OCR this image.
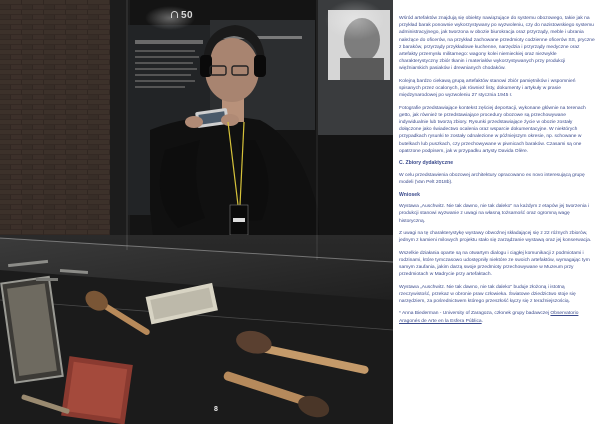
50
8

Wśród artefaktów znajdują się obiekty nawiązujące do systemu obozowego, takie jak na przykład barak ponownie wykorzystywany po wyzwoleniu, czy do nazistowskiego systemu administracyjnego, jak tworzona w obozie biurokracja oraz przyrządy, meble i ubrania należące do oficerów, na przykład zachowane przedmioty codzienne oficerów SS, pryczne z baraków, przyrządy przykładowe kuchenne, narzędzia i przyrządy medyczne oraz artefakty przemysłu militarnego: wagony kolei niemieckiej oraz niezwykle charakterystyczny zbiór tkanin i materiałów wykorzystywanych przy produkcji więźniarskich pasiaków i drewnianych chodaków.

Kolejną bardzo ciekawą grupą artefaktów stanowi zbiór pamiętników i wspomnień spisanych przez ocalonych, jak również listy, dokumenty i artykuły w prasie międzynarodowej po wyzwoleniu 27 stycznia 1945 r.

Fotografie przedstawiające kontekst zęściej deportacji, wykonane głównie na terenach getto, jak również te przedstawiające procedury obozowe są przechowywane indywidualnie lub tworzą zbiory. Rysunki przedstawiające życie w obozie zostały dołączone jako świadectwo ocalenia oraz wsparcie dokumentacyjne. W niektórych przypadkach rysunki te zostały odnalezione w późniejszym okresie, np. schowane w butelkach lub puszkach, czy przechowywane w piwnicach baraków. Czasami są one opatrzone podpisem, jak w przypadku artysty Davida Olère.

C. Zbiory dydaktyczne

W celu przedstawienia obozowej architektury opracowano ex novo interesującą grupę modeli (Van Pelt 2018b).

Wniosek

Wystawa „Auschwitz. Nie tak dawno, nie tak daleko" na każdym z etapów jej tworzenia i produkcji stanowi wyzwanie z uwagi na własną tożsamość oraz ogromną wagę historyczną.

Z uwagi na tę charakterystykę wystawy obwoźnej składającej się z 22 różnych zbiorów, jednym z kamieni milowych projektu stało się zarządzanie wystawą oraz jej konserwacja.

Wszelkie działania oparte są na otwartym dialogu i ciągłej komunikacji z podmiotami i rodzinami, które tymczasowo udostępniły niektóre ze swoich artefaktów, wymagając tym samym zaufania, jakim darzą swoje przedmioty przechowywane w Muzeum przy przedmiotach w Madrycie przy artefaktach.

Wystawa „Auschwitz. Nie tak dawno, nie tak daleko" buduje złożoną i istotną rzeczywistość, przekaz w obronie praw człowieka. Światowe dziedzictwo stoje się narzędziem, za pośrednictwem którego przeszłość łączy się z teraźniejszością.

* Anna Biederman - University of Zaragoza, członek grupy badawczej Observatorio Aragonés de Arte en la Esfera Pública.
